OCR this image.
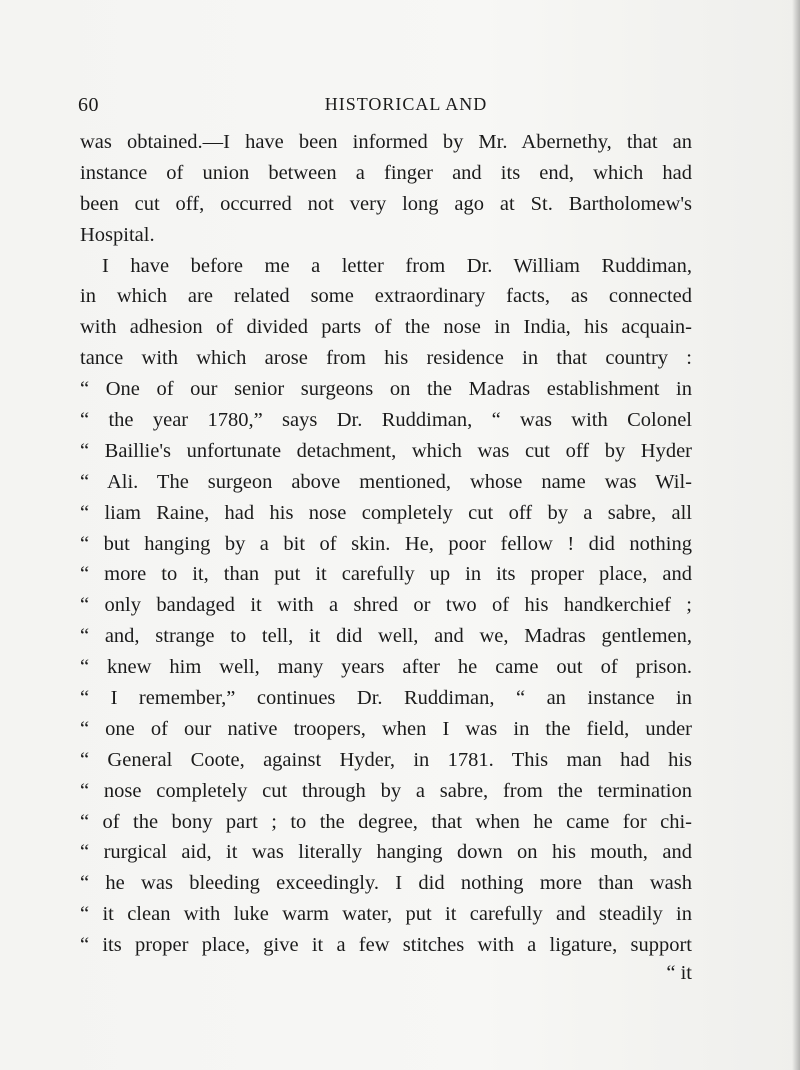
60	HISTORICAL AND
was obtained.—I have been informed by Mr. Abernethy, that an
instance of union between a finger and its end, which had
been cut off, occurred not very long ago at St. Bartholomew's
Hospital.
I have before me a letter from Dr. William Ruddiman,
in which are related some extraordinary facts, as connected
with adhesion of divided parts of the nose in India, his acquain-
tance with which arose from his residence in that country :
“ One of our senior surgeons on the Madras establishment in
“ the year 1780,” says Dr. Ruddiman, “ was with Colonel
“ Baillie's unfortunate detachment, which was cut off by Hyder
“ Ali. The surgeon above mentioned, whose name was Wil-
“ liam Raine, had his nose completely cut off by a sabre, all
“ but hanging by a bit of skin. He, poor fellow ! did nothing
“ more to it, than put it carefully up in its proper place, and
“ only bandaged it with a shred or two of his handkerchief ;
“ and, strange to tell, it did well, and we, Madras gentlemen,
“ knew him well, many years after he came out of prison.
“ I remember,” continues Dr. Ruddiman, “ an instance in
“ one of our native troopers, when I was in the field, under
“ General Coote, against Hyder, in 1781. This man had his
“ nose completely cut through by a sabre, from the termination
“ of the bony part ; to the degree, that when he came for chi-
“ rurgical aid, it was literally hanging down on his mouth, and
“ he was bleeding exceedingly. I did nothing more than wash
“ it clean with luke warm water, put it carefully and steadily in
“ its proper place, give it a few stitches with a ligature, support
“ it
